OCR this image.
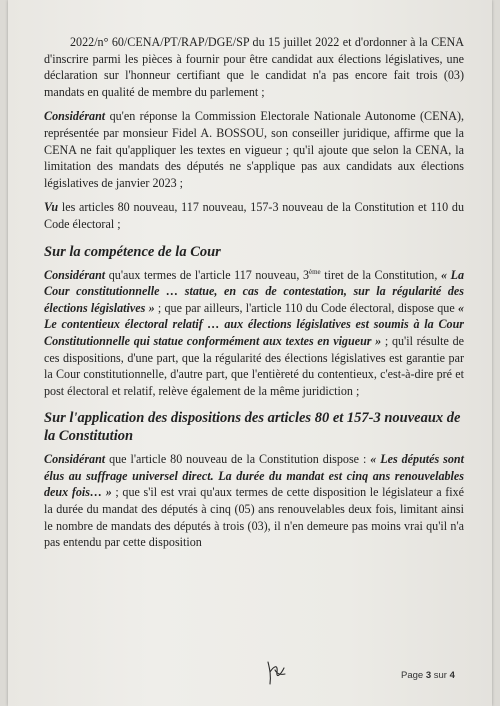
2022/n° 60/CENA/PT/RAP/DGE/SP du 15 juillet 2022 et d'ordonner à la CENA d'inscrire parmi les pièces à fournir pour être candidat aux élections législatives, une déclaration sur l'honneur certifiant que le candidat n'a pas encore fait trois (03) mandats en qualité de membre du parlement ;

Considérant qu'en réponse la Commission Electorale Nationale Autonome (CENA), représentée par monsieur Fidel A. BOSSOU, son conseiller juridique, affirme que la CENA ne fait qu'appliquer les textes en vigueur ; qu'il ajoute que selon la CENA, la limitation des mandats des députés ne s'applique pas aux candidats aux élections législatives de janvier 2023 ;

Vu les articles 80 nouveau, 117 nouveau, 157-3 nouveau de la Constitution et 110 du Code électoral ;

Sur la compétence de la Cour

Considérant qu'aux termes de l'article 117 nouveau, 3ème tiret de la Constitution, « La Cour constitutionnelle … statue, en cas de contestation, sur la régularité des élections législatives » ; que par ailleurs, l'article 110 du Code électoral, dispose que « Le contentieux électoral relatif … aux élections législatives est soumis à la Cour Constitutionnelle qui statue conformément aux textes en vigueur » ; qu'il résulte de ces dispositions, d'une part, que la régularité des élections législatives est garantie par la Cour constitutionnelle, d'autre part, que l'entièreté du contentieux, c'est-à-dire pré et post électoral et relatif, relève également de la même juridiction ;

Sur l'application des dispositions des articles 80 et 157-3 nouveaux de la Constitution

Considérant que l'article 80 nouveau de la Constitution dispose : « Les députés sont élus au suffrage universel direct. La durée du mandat est cinq ans renouvelables deux fois… » ; que s'il est vrai qu'aux termes de cette disposition le législateur a fixé la durée du mandat des députés à cinq (05) ans renouvelables deux fois, limitant ainsi le nombre de mandats des députés à trois (03), il n'en demeure pas moins vrai qu'il n'a pas entendu par cette disposition

Page 3 sur 4
